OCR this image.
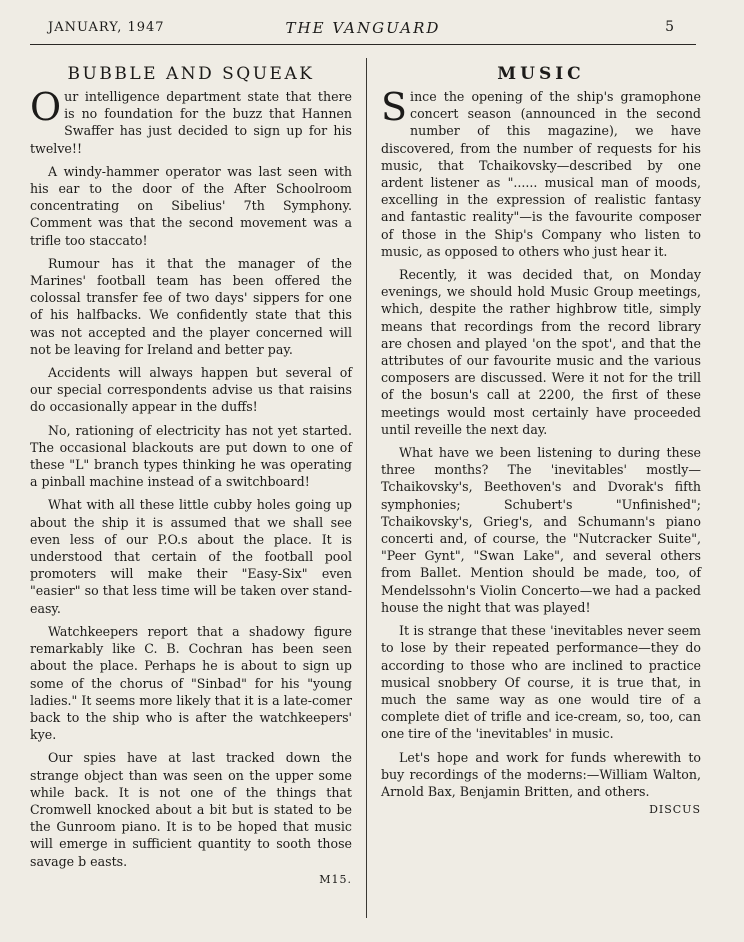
JANUARY, 1947	THE VANGUARD	5
BUBBLE AND SQUEAK

Our intelligence department state that there is no foundation for the buzz that Hannen Swaffer has just decided to sign up for his twelve!!

A windy-hammer operator was last seen with his ear to the door of the After Schoolroom concentrating on Sibelius' 7th Symphony. Comment was that the second movement was a trifle too staccato!

Rumour has it that the manager of the Marines' football team has been offered the colossal transfer fee of two days' sippers for one of his halfbacks. We confidently state that this was not accepted and the player concerned will not be leaving for Ireland and better pay.

Accidents will always happen but several of our special correspondents advise us that raisins do occasionally appear in the duffs!

No, rationing of electricity has not yet started. The occasional blackouts are put down to one of these "L" branch types thinking he was operating a pinball machine instead of a switchboard!

What with all these little cubby holes going up about the ship it is assumed that we shall see even less of our P.O.s about the place. It is understood that certain of the football pool promoters will make their "Easy-Six" even "easier" so that less time will be taken over stand-easy.

Watchkeepers report that a shadowy figure remarkably like C. B. Cochran has been seen about the place. Perhaps he is about to sign up some of the chorus of "Sinbad" for his "young ladies." It seems more likely that it is a late-comer back to the ship who is after the watchkeepers' kye.

Our spies have at last tracked down the strange object than was seen on the upper some while back. It is not one of the things that Cromwell knocked about a bit but is stated to be the Gunroom piano. It is to be hoped that music will emerge in sufficient quantity to sooth those savage b easts.

M15.
MUSIC

Since the opening of the ship's gramophone concert season (announced in the second number of this magazine), we have discovered, from the number of requests for his music, that Tchaikovsky—described by one ardent listener as "...... musical man of moods, excelling in the expression of realistic fantasy and fantastic reality"—is the favourite composer of those in the Ship's Company who listen to music, as opposed to others who just hear it.

Recently, it was decided that, on Monday evenings, we should hold Music Group meetings, which, despite the rather highbrow title, simply means that recordings from the record library are chosen and played 'on the spot', and that the attributes of our favourite music and the various composers are discussed. Were it not for the trill of the bosun's call at 2200, the first of these meetings would most certainly have proceeded until reveille the next day.

What have we been listening to during these three months? The 'inevitables' mostly—Tchaikovsky's, Beethoven's and Dvorak's fifth symphonies; Schubert's "Unfinished"; Tchaikovsky's, Grieg's, and Schumann's piano concerti and, of course, the "Nutcracker Suite", "Peer Gynt", "Swan Lake", and several others from Ballet. Mention should be made, too, of Mendelssohn's Violin Concerto—we had a packed house the night that was played!

It is strange that these 'inevitables never seem to lose by their repeated performance—they do according to those who are inclined to practice musical snobbery Of course, it is true that, in much the same way as one would tire of a complete diet of trifle and ice-cream, so, too, can one tire of the 'inevitables' in music.

Let's hope and work for funds wherewith to buy recordings of the moderns:—William Walton, Arnold Bax, Benjamin Britten, and others.

DISCUS
